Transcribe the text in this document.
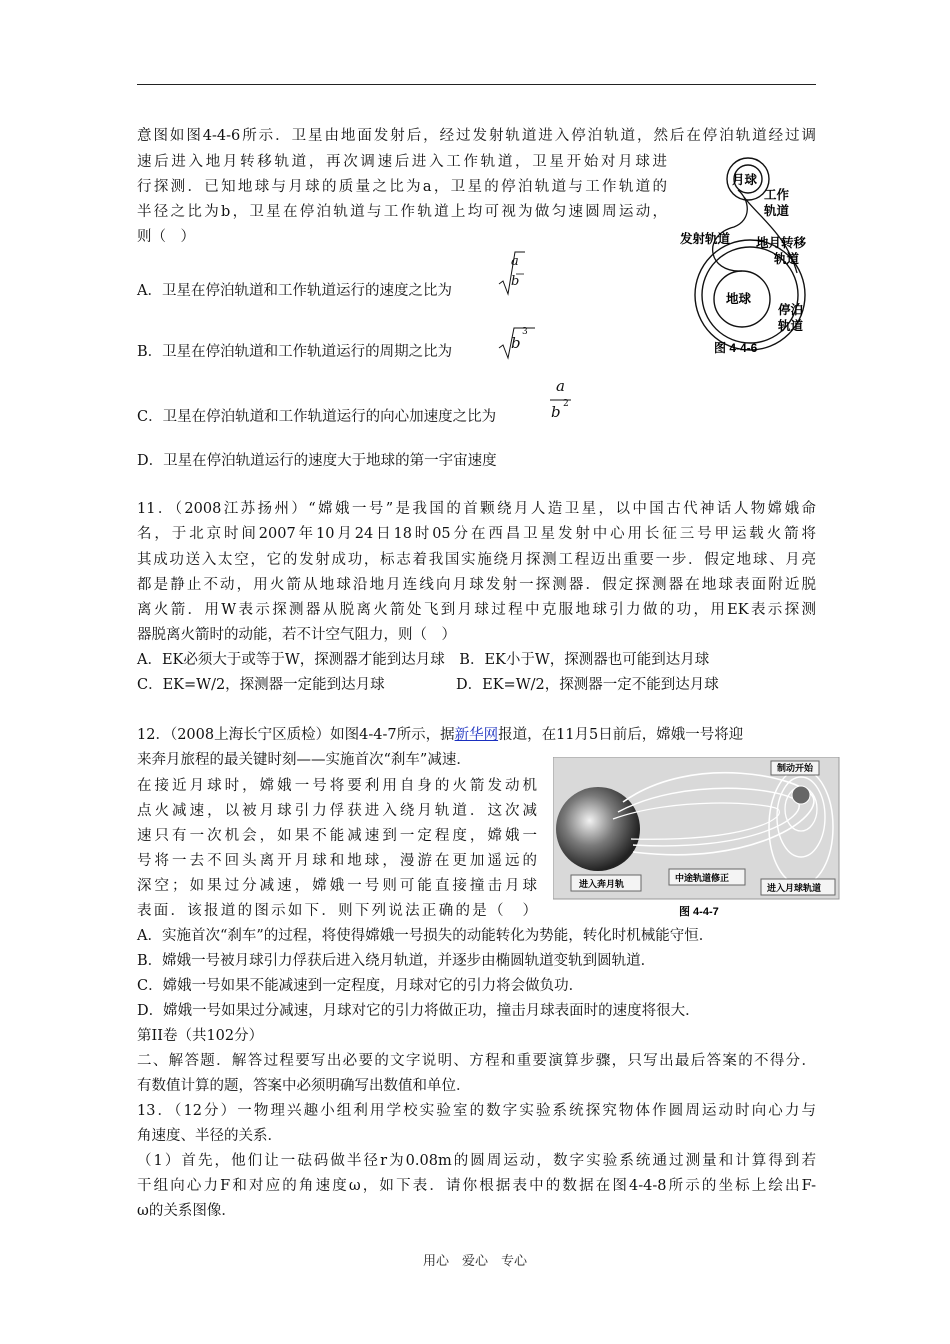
意图如图4-4-6所示．卫星由地面发射后，经过发射轨道进入停泊轨道，然后在停泊轨道经过调
速后进入地月转移轨道，再次调速后进入工作轨道，卫星开始对月球进
行探测．已知地球与月球的质量之比为a，卫星的停泊轨道与工作轨道的
半径之比为b，卫星在停泊轨道与工作轨道上均可视为做匀速圆周运动，
则（　）
A．卫星在停泊轨道和工作轨道运行的速度之比为
a
b
B．卫星在停泊轨道和工作轨道运行的周期之比为	b
3
C．卫星在停泊轨道和工作轨道运行的向心加速度之比为
a
b 2
D．卫星在停泊轨道运行的速度大于地球的第一宇宙速度
月球
工作
轨道
发射轨道 地月转移
轨道
地球
停泊
轨道
图 4-4-6
11．（2008江苏扬州）“嫦娥一号”是我国的首颗绕月人造卫星，以中国古代神话人物嫦娥命
名，于北京时间2007年10月24日18时05分在西昌卫星发射中心用长征三号甲运载火箭将
其成功送入太空，它的发射成功，标志着我国实施绕月探测工程迈出重要一步．假定地球、月亮
都是静止不动，用火箭从地球沿地月连线向月球发射一探测器．假定探测器在地球表面附近脱
离火箭．用W表示探测器从脱离火箭处飞到月球过程中克服地球引力做的功，用EK表示探测
器脱离火箭时的动能，若不计空气阻力，则（　）
A．EK必须大于或等于W，探测器才能到达月球　B．EK小于W，探测器也可能到达月球
C．EK=W/2，探测器一定能到达月球	D．EK=W/2，探测器一定不能到达月球
12．（2008上海长宁区质检）如图4-4-7所示，据新华网报道，在11月5日前后，嫦娥一号将迎
来奔月旅程的最关键时刻——实施首次“刹车”减速．
在接近月球时，嫦娥一号将要利用自身的火箭发动机
点火减速，以被月球引力俘获进入绕月轨道．这次减
速只有一次机会，如果不能减速到一定程度，嫦娥一
号将一去不回头离开月球和地球，漫游在更加遥远的
深空；如果过分减速，嫦娥一号则可能直接撞击月球
表面．该报道的图示如下．则下列说法正确的是（　）
制动开始
进入奔月轨
中途轨道修正
进入月球轨道
图 4-4-7
A．实施首次“刹车”的过程，将使得嫦娥一号损失的动能转化为势能，转化时机械能守恒．
B．嫦娥一号被月球引力俘获后进入绕月轨道，并逐步由椭圆轨道变轨到圆轨道．
C．嫦娥一号如果不能减速到一定程度，月球对它的引力将会做负功．
D．嫦娥一号如果过分减速，月球对它的引力将做正功，撞击月球表面时的速度将很大．
第II卷（共102分）
二、解答题．解答过程要写出必要的文字说明、方程和重要演算步骤，只写出最后答案的不得分．
有数值计算的题，答案中必须明确写出数值和单位．
13．（12分）一物理兴趣小组利用学校实验室的数字实验系统探究物体作圆周运动时向心力与
角速度、半径的关系．
（1）首先，他们让一砝码做半径r为0.08m的圆周运动，数字实验系统通过测量和计算得到若
干组向心力F和对应的角速度ω，如下表．请你根据表中的数据在图4-4-8所示的坐标上绘出F-
ω的关系图像．
用心　爱心　专心
